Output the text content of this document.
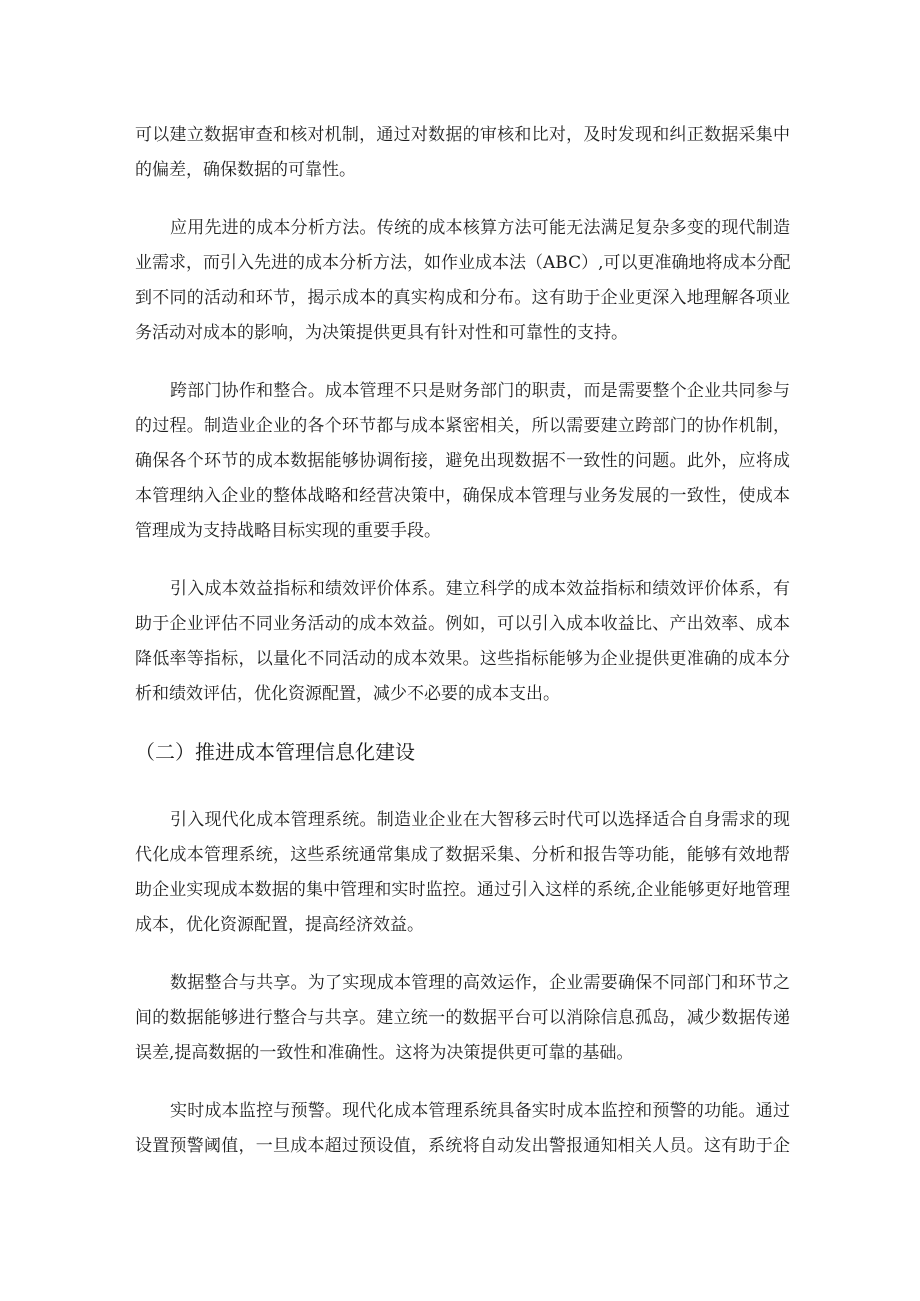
可以建立数据审查和核对机制，通过对数据的审核和比对，及时发现和纠正数据采集中
的偏差，确保数据的可靠性。
应用先进的成本分析方法。传统的成本核算方法可能无法满足复杂多变的现代制造
业需求，而引入先进的成本分析方法，如作业成本法（ABC）,可以更准确地将成本分配
到不同的活动和环节，揭示成本的真实构成和分布。这有助于企业更深入地理解各项业
务活动对成本的影响，为决策提供更具有针对性和可靠性的支持。
跨部门协作和整合。成本管理不只是财务部门的职责，而是需要整个企业共同参与
的过程。制造业企业的各个环节都与成本紧密相关，所以需要建立跨部门的协作机制，
确保各个环节的成本数据能够协调衔接，避免出现数据不一致性的问题。此外，应将成
本管理纳入企业的整体战略和经营决策中，确保成本管理与业务发展的一致性，使成本
管理成为支持战略目标实现的重要手段。
引入成本效益指标和绩效评价体系。建立科学的成本效益指标和绩效评价体系，有
助于企业评估不同业务活动的成本效益。例如，可以引入成本收益比、产出效率、成本
降低率等指标，以量化不同活动的成本效果。这些指标能够为企业提供更准确的成本分
析和绩效评估，优化资源配置，减少不必要的成本支出。
（二）推进成本管理信息化建设
引入现代化成本管理系统。制造业企业在大智移云时代可以选择适合自身需求的现
代化成本管理系统，这些系统通常集成了数据采集、分析和报告等功能，能够有效地帮
助企业实现成本数据的集中管理和实时监控。通过引入这样的系统,企业能够更好地管理
成本，优化资源配置，提高经济效益。
数据整合与共享。为了实现成本管理的高效运作，企业需要确保不同部门和环节之
间的数据能够进行整合与共享。建立统一的数据平台可以消除信息孤岛，减少数据传递
误差,提高数据的一致性和准确性。这将为决策提供更可靠的基础。
实时成本监控与预警。现代化成本管理系统具备实时成本监控和预警的功能。通过
设置预警阈值，一旦成本超过预设值，系统将自动发出警报通知相关人员。这有助于企
